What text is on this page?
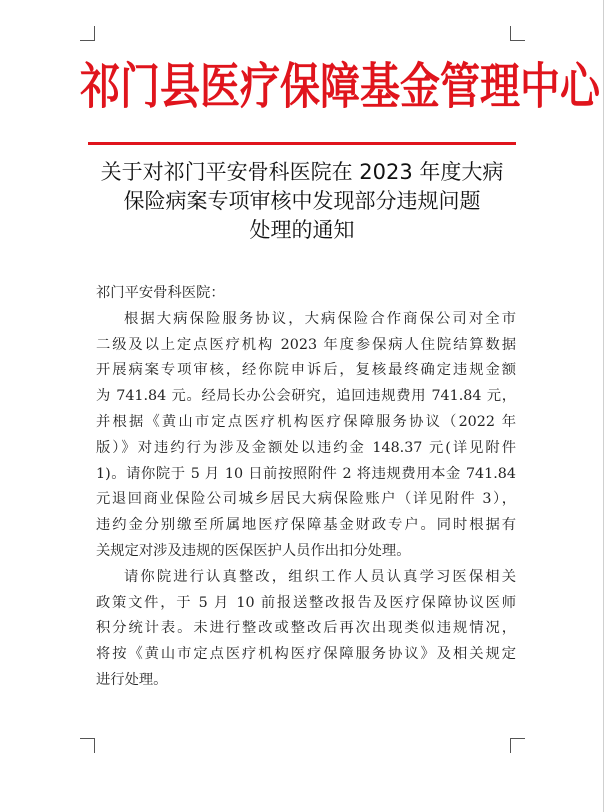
祁门县医疗保障基金管理中心
关于对祁门平安骨科医院在 2023 年度大病
保险病案专项审核中发现部分违规问题
处理的通知
祁门平安骨科医院：
根据大病保险服务协议，大病保险合作商保公司对全市
二级及以上定点医疗机构 2023 年度参保病人住院结算数据
开展病案专项审核，经你院申诉后，复核最终确定违规金额
为 741.84 元。经局长办公会研究，追回违规费用 741.84 元，
并根据《黄山市定点医疗机构医疗保障服务协议（2022 年
版）》对违约行为涉及金额处以违约金 148.37 元(详见附件
1)。请你院于 5 月 10 日前按照附件 2 将违规费用本金 741.84
元退回商业保险公司城乡居民大病保险账户（详见附件 3），
违约金分别缴至所属地医疗保障基金财政专户。同时根据有
关规定对涉及违规的医保医护人员作出扣分处理。
请你院进行认真整改，组织工作人员认真学习医保相关
政策文件，于 5 月 10 前报送整改报告及医疗保障协议医师
积分统计表。未进行整改或整改后再次出现类似违规情况，
将按《黄山市定点医疗机构医疗保障服务协议》及相关规定
进行处理。
